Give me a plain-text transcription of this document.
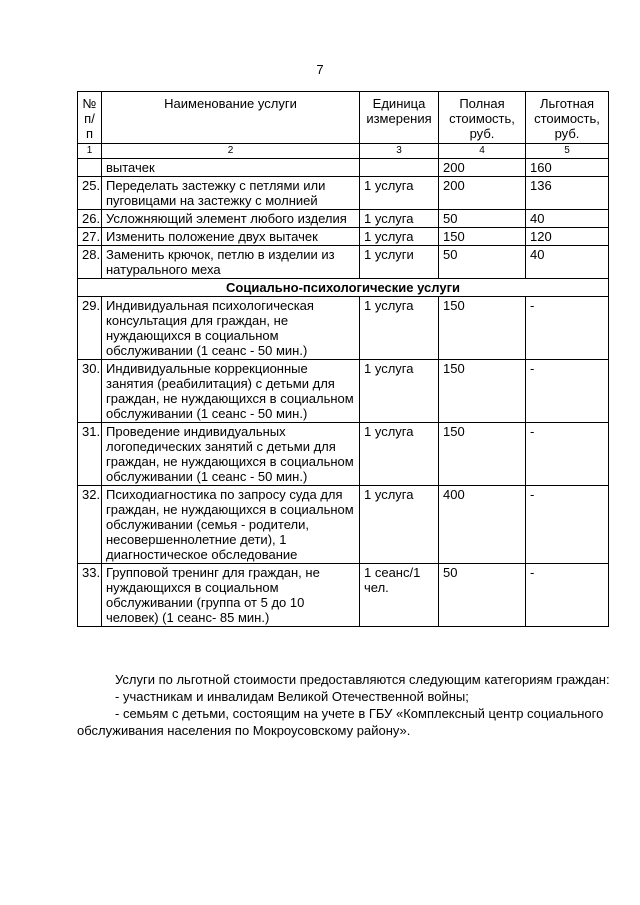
7
№ п/п	Наименование услуги	Единица измерения	Полная стоимость, руб.	Льготная стоимость, руб.
1	2	3	4	5
	вытачек		200	160
25.	Переделать застежку с петлями или пуговицами на застежку с молнией	1 услуга	200	136
26.	Усложняющий элемент любого изделия	1 услуга	50	40
27.	Изменить положение двух вытачек	1 услуга	150	120
28.	Заменить крючок, петлю в изделии из натурального меха	1 услуги	50	40
Социально-психологические услуги				
29.	Индивидуальная психологическая консультация для граждан, не нуждающихся в социальном обслуживании (1 сеанс - 50 мин.)	1 услуга	150	-
30.	Индивидуальные коррекционные занятия (реабилитация) с детьми для граждан, не нуждающихся в социальном обслуживании (1 сеанс - 50 мин.)	1 услуга	150	-
31.	Проведение индивидуальных логопедических занятий с детьми для граждан, не нуждающихся в социальном обслуживании (1 сеанс - 50 мин.)	1 услуга	150	-
32.	Психодиагностика по запросу суда для граждан, не нуждающихся в социальном обслуживании (семья - родители, несовершеннолетние дети), 1 диагностическое обследование	1 услуга	400	-
33.	Групповой тренинг для граждан, не нуждающихся в социальном обслуживании (группа от 5 до 10 человек) (1 сеанс- 85 мин.)	1 сеанс/1 чел.	50	-

Услуги по льготной стоимости предоставляются следующим категориям граждан:

- участникам и инвалидам Великой Отечественной войны;

- семьям с детьми, состоящим на учете в ГБУ «Комплексный центр социального обслуживания населения по Мокроусовскому району».
